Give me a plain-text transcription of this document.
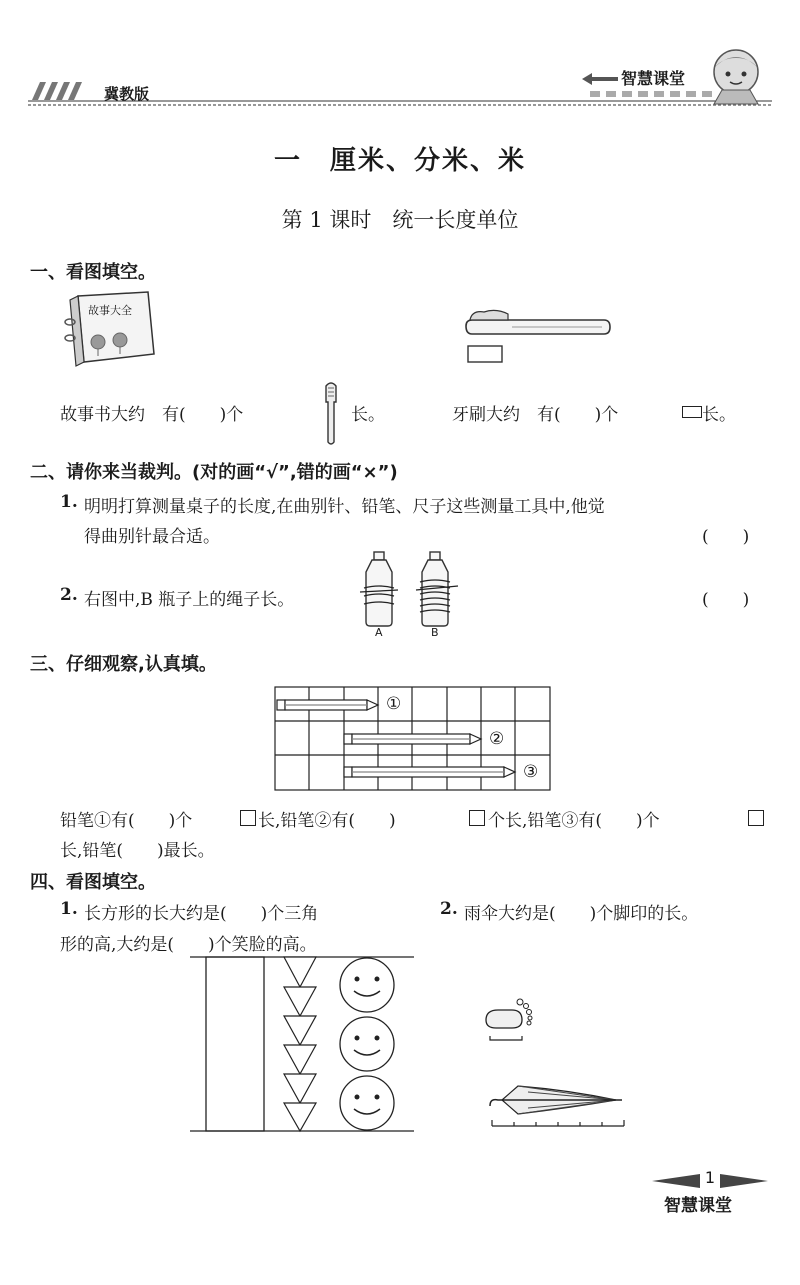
冀教版
智慧课堂
一　厘米、分米、米
第 1 课时　统一长度单位
一、看图填空。
故事大全
故事书大约　有(　　)个	长。	牙刷大约　有(　　)个	长。
二、请你来当裁判。(对的画“√”,错的画“×”)
1. 明明打算测量桌子的长度,在曲别针、铅笔、尺子这些测量工具中,他觉
得曲别针最合适。	(　　)
2. 右图中,B 瓶子上的绳子长。	(　　)
A	B
三、仔细观察,认真填。
①
②
③
铅笔①有(　　)个	长,铅笔②有(　　)	个长,铅笔③有(　　)个
长,铅笔(　　)最长。
四、看图填空。
1. 长方形的长大约是(　　)个三角
形的高,大约是(　　)个笑脸的高。
2. 雨伞大约是(　　)个脚印的长。
1
智慧课堂
